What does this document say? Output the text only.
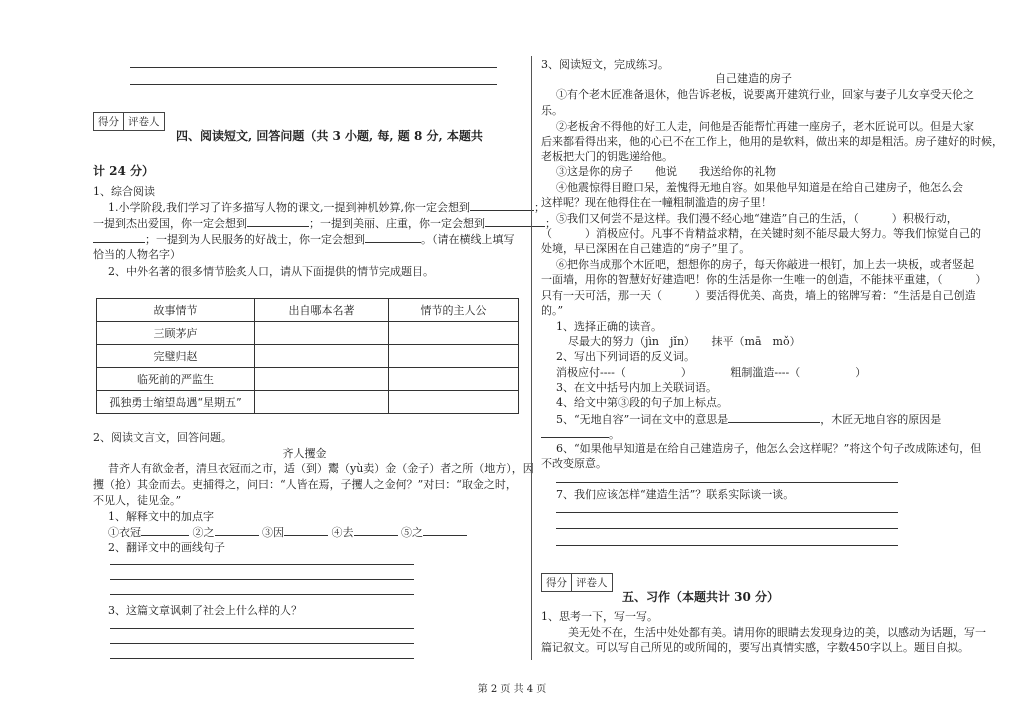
得分 评卷人
四、阅读短文, 回答问题（共 3 小题, 每, 题 8 分, 本题共
计 24 分）
1、综合阅读
1.小学阶段,我们学习了许多描写人物的课文,一提到神机妙算,你一定会想到	；
一提到杰出爱国，你一定会想到	；一提到美丽、庄重，你一定会想到	；
；一提到为人民服务的好战士，你一定会想到	。（请在横线上填写
恰当的人物名字）
2、中外名著的很多情节脍炙人口，请从下面提供的情节完成题目。
故事情节	出自哪本名著	情节的主人公
三顾茅庐		
完璧归赵		
临死前的严监生		
孤独勇士缩望岛遇“星期五”		
2、阅读文言文，回答问题。
齐人攫金
昔齐人有欲金者，清旦衣冠而之市，适（到）鬻（yù卖）金（金子）者之所（地方），因
攫（抢）其金而去。吏捕得之，问曰：“人皆在焉，子攫人之金何？”对曰：“取金之时，
不见人，徒见金。”
1、解释文中的加点字
①衣冠	②之	③因	④去	⑤之
2、翻译文中的画线句子
3、这篇文章讽刺了社会上什么样的人？
3、阅读短文，完成练习。
自己建造的房子
①有个老木匠准备退休，他告诉老板，说要离开建筑行业，回家与妻子儿女享受天伦之
乐。
②老板舍不得他的好工人走，问他是否能帮忙再建一座房子，老木匠说可以。但是大家
后来都看得出来，他的心已不在工作上，他用的是软料，做出来的却是粗活。房子建好的时候，
老板把大门的钥匙递给他。
③这是你的房子　　他说　　我送给你的礼物
④他震惊得目瞪口呆，羞愧得无地自容。如果他早知道是在给自己建房子，他怎么会
这样呢？现在他得住在一幢粗制滥造的房子里！
⑤我们又何尝不是这样。我们漫不经心地“建造”自己的生活，（　　　）积极行动，
（　　　）消极应付。凡事不肯精益求精，在关键时刻不能尽最大努力。等我们惊觉自己的
处境，早已深困在自己建造的“房子”里了。
⑥把你当成那个木匠吧，想想你的房子，每天你敲进一根钉，加上去一块板，或者竖起
一面墙，用你的智慧好好建造吧！你的生活是你一生唯一的创造，不能抹平重建，（　　　）
只有一天可活，那一天（　　　）要活得优美、高贵，墙上的铭牌写着：“生活是自己创造
的。”
1、选择正确的读音。
尽最大的努力（jìn　jǐn）　　抹平（mā　mǒ）
2、写出下列词语的反义词。
消极应付----（　　　　　）　　　　粗制滥造----（　　　　　）
3、在文中括号内加上关联词语。
4、给文中第③段的句子加上标点。
5、“无地自容”一词在文中的意思是	，木匠无地自容的原因是
。
6、“如果他早知道是在给自己建造房子，他怎么会这样呢？”将这个句子改成陈述句，但
不改变原意。
7、我们应该怎样“建造生活”？联系实际谈一谈。
得分 评卷人
五、习作（本题共计 30 分）
1、思考一下，写一写。
美无处不在，生活中处处都有美。请用你的眼睛去发现身边的美，以感动为话题，写一
篇记叙文。可以写自己所见的或所闻的，要写出真情实感，字数450字以上。题目自拟。
第 2 页 共 4 页
